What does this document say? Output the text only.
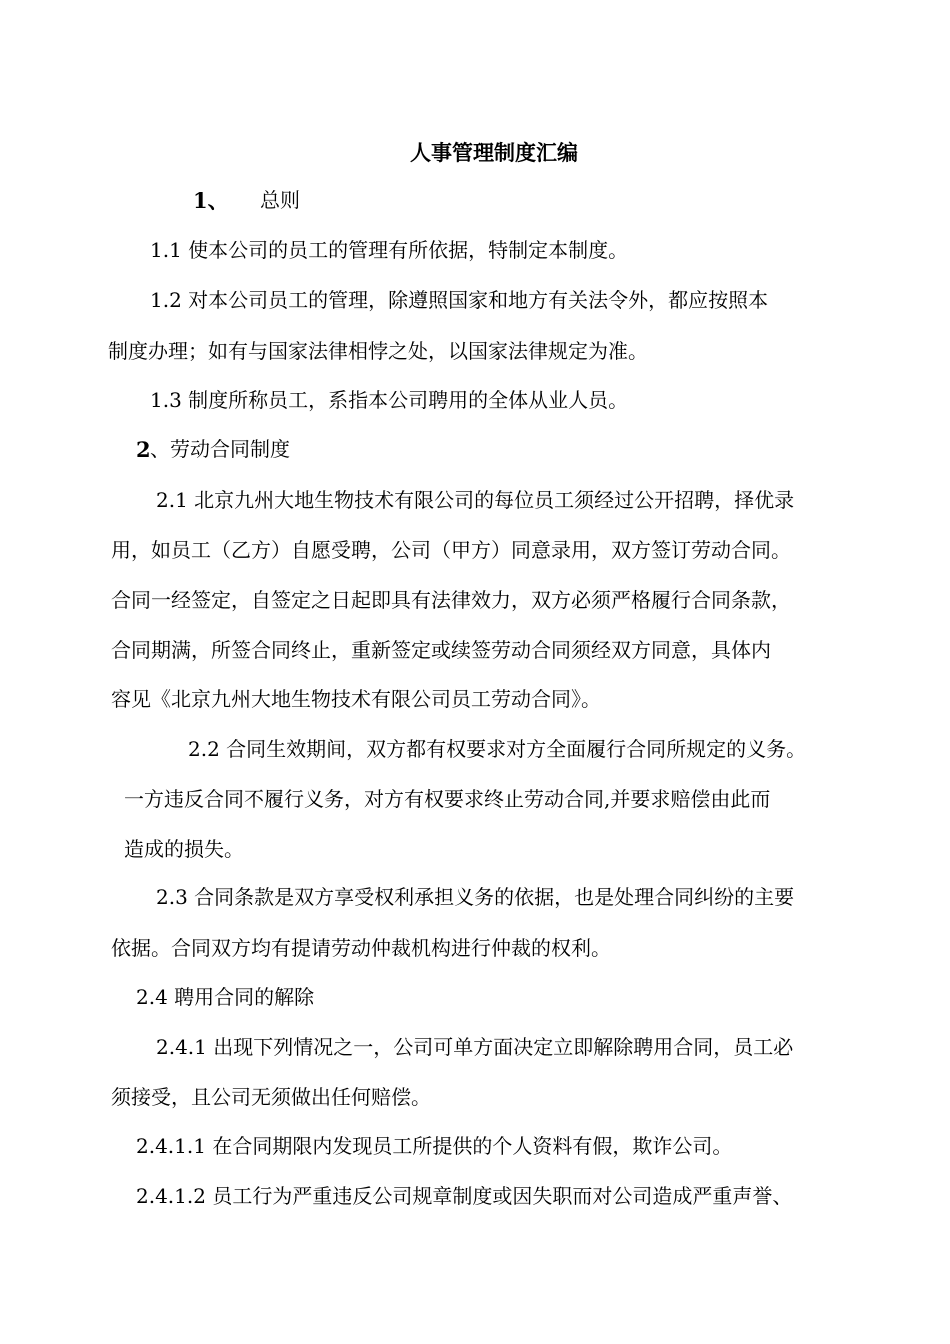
人事管理制度汇编
1、 总则
1.1 使本公司的员工的管理有所依据，特制定本制度。
1.2 对本公司员工的管理，除遵照国家和地方有关法令外，都应按照本
制度办理；如有与国家法律相悖之处，以国家法律规定为准。
1.3 制度所称员工，系指本公司聘用的全体从业人员。
2 、劳动合同制度
2.1 北京九州大地生物技术有限公司的每位员工须经过公开招聘，择优录
用，如员工（乙方）自愿受聘，公司（甲方）同意录用，双方签订劳动合同。
合同一经签定，自签定之日起即具有法律效力，双方必须严格履行合同条款，
合同期满，所签合同终止，重新签定或续签劳动合同须经双方同意，具体内
容见《北京九州大地生物技术有限公司员工劳动合同》。
2.2 合同生效期间，双方都有权要求对方全面履行合同所规定的义务。
一方违反合同不履行义务，对方有权要求终止劳动合同,并要求赔偿由此而
造成的损失。
2.3 合同条款是双方享受权利承担义务的依据，也是处理合同纠纷的主要
依据。合同双方均有提请劳动仲裁机构进行仲裁的权利。
2.4 聘用合同的解除
2.4.1 出现下列情况之一，公司可单方面决定立即解除聘用合同，员工必
须接受，且公司无须做出任何赔偿。
2.4.1.1 在合同期限内发现员工所提供的个人资料有假，欺诈公司。
2.4.1.2 员工行为严重违反公司规章制度或因失职而对公司造成严重声誉、
